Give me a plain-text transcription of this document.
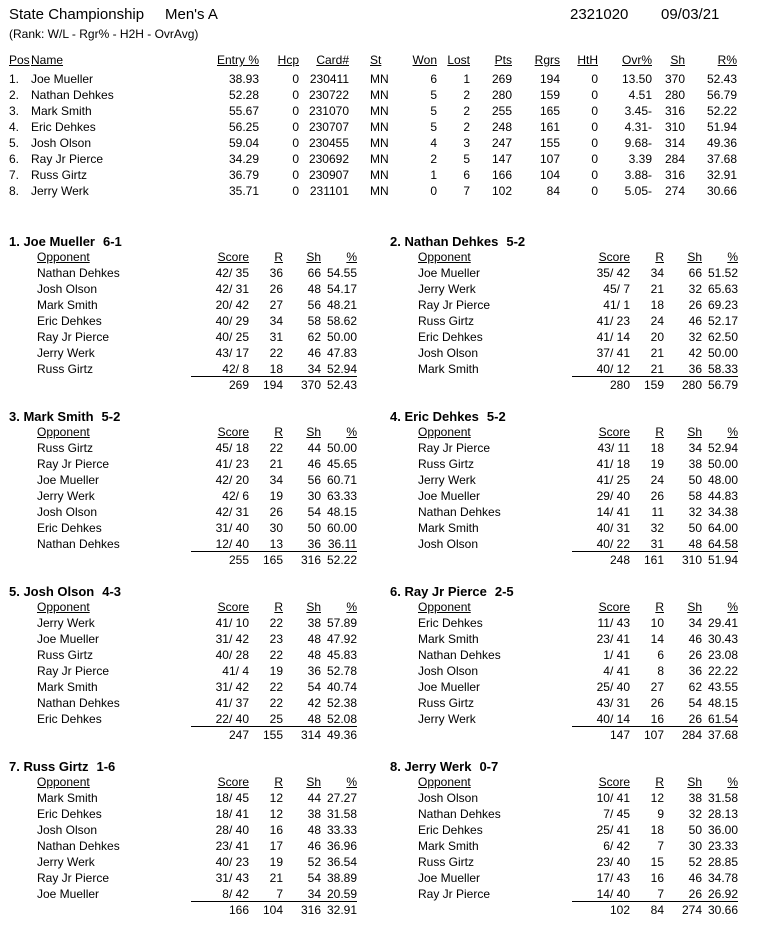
State Championship Men's A	2321020 09/03/21
(Rank: W/L - Rgr% - H2H - OvrAvg)
Pos Name	Entry % Hcp	Card# St	Won Lost	Pts	Rgrs HtH	Ovr%	Sh	R%
1. Joe Mueller	38.93	0 230411 MN	6	1	269	194	0	13.50 370 52.43
2. Nathan Dehkes	52.28	0 230722 MN	5	2	280	159	0	4.51 280 56.79
3. Mark Smith	55.67	0 231070 MN	5	2	255	165	0	3.45- 316 52.22
4. Eric Dehkes	56.25	0 230707 MN	5	2	248	161	0	4.31- 310 51.94
5. Josh Olson	59.04	0 230455 MN	4	3	247	155	0	9.68- 314 49.36
6. Ray Jr Pierce	34.29	0 230692 MN	2	5	147	107	0	3.39 284 37.68
7. Russ Girtz	36.79	0 230907 MN	1	6	166	104	0	3.88- 316 32.91
8. Jerry Werk	35.71	0 231101 MN	0	7	102	84	0	5.05- 274 30.66
1. Joe Mueller 6-1
Opponent	Score	R	Sh	%
Nathan Dehkes	42/ 35	36	66 54.55
Josh Olson	42/ 31	26	48 54.17
Mark Smith	20/ 42	27	56 48.21
Eric Dehkes	40/ 29	34	58 58.62
Ray Jr Pierce	40/ 25	31	62 50.00
Jerry Werk	43/ 17	22	46 47.83
Russ Girtz	42/ 8	18	34 52.94
269	194	370 52.43
2. Nathan Dehkes 5-2
Opponent	Score	R	Sh	%
Joe Mueller	35/ 42	34	66 51.52
Jerry Werk	45/ 7	21	32 65.63
Ray Jr Pierce	41/ 1	18	26 69.23
Russ Girtz	41/ 23	24	46 52.17
Eric Dehkes	41/ 14	20	32 62.50
Josh Olson	37/ 41	21	42 50.00
Mark Smith	40/ 12	21	36 58.33
280	159	280 56.79
3. Mark Smith 5-2
Opponent	Score	R	Sh	%
Russ Girtz	45/ 18	22	44 50.00
Ray Jr Pierce	41/ 23	21	46 45.65
Joe Mueller	42/ 20	34	56 60.71
Jerry Werk	42/ 6	19	30 63.33
Josh Olson	42/ 31	26	54 48.15
Eric Dehkes	31/ 40	30	50 60.00
Nathan Dehkes	12/ 40	13	36 36.11
255	165	316 52.22
4. Eric Dehkes 5-2
Opponent	Score	R	Sh	%
Ray Jr Pierce	43/ 11	18	34 52.94
Russ Girtz	41/ 18	19	38 50.00
Jerry Werk	41/ 25	24	50 48.00
Joe Mueller	29/ 40	26	58 44.83
Nathan Dehkes	14/ 41	11	32 34.38
Mark Smith	40/ 31	32	50 64.00
Josh Olson	40/ 22	31	48 64.58
248	161	310 51.94
5. Josh Olson 4-3
Opponent	Score	R	Sh	%
Jerry Werk	41/ 10	22	38 57.89
Joe Mueller	31/ 42	23	48 47.92
Russ Girtz	40/ 28	22	48 45.83
Ray Jr Pierce	41/ 4	19	36 52.78
Mark Smith	31/ 42	22	54 40.74
Nathan Dehkes	41/ 37	22	42 52.38
Eric Dehkes	22/ 40	25	48 52.08
247	155	314 49.36
6. Ray Jr Pierce 2-5
Opponent	Score	R	Sh	%
Eric Dehkes	11/ 43	10	34 29.41
Mark Smith	23/ 41	14	46 30.43
Nathan Dehkes	1/ 41	6	26 23.08
Josh Olson	4/ 41	8	36 22.22
Joe Mueller	25/ 40	27	62 43.55
Russ Girtz	43/ 31	26	54 48.15
Jerry Werk	40/ 14	16	26 61.54
147	107	284 37.68
7. Russ Girtz 1-6
Opponent	Score	R	Sh	%
Mark Smith	18/ 45	12	44 27.27
Eric Dehkes	18/ 41	12	38 31.58
Josh Olson	28/ 40	16	48 33.33
Nathan Dehkes	23/ 41	17	46 36.96
Jerry Werk	40/ 23	19	52 36.54
Ray Jr Pierce	31/ 43	21	54 38.89
Joe Mueller	8/ 42	7	34 20.59
166	104	316 32.91
8. Jerry Werk 0-7
Opponent	Score	R	Sh	%
Josh Olson	10/ 41	12	38 31.58
Nathan Dehkes	7/ 45	9	32 28.13
Eric Dehkes	25/ 41	18	50 36.00
Mark Smith	6/ 42	7	30 23.33
Russ Girtz	23/ 40	15	52 28.85
Joe Mueller	17/ 43	16	46 34.78
Ray Jr Pierce	14/ 40	7	26 26.92
102	84	274 30.66
